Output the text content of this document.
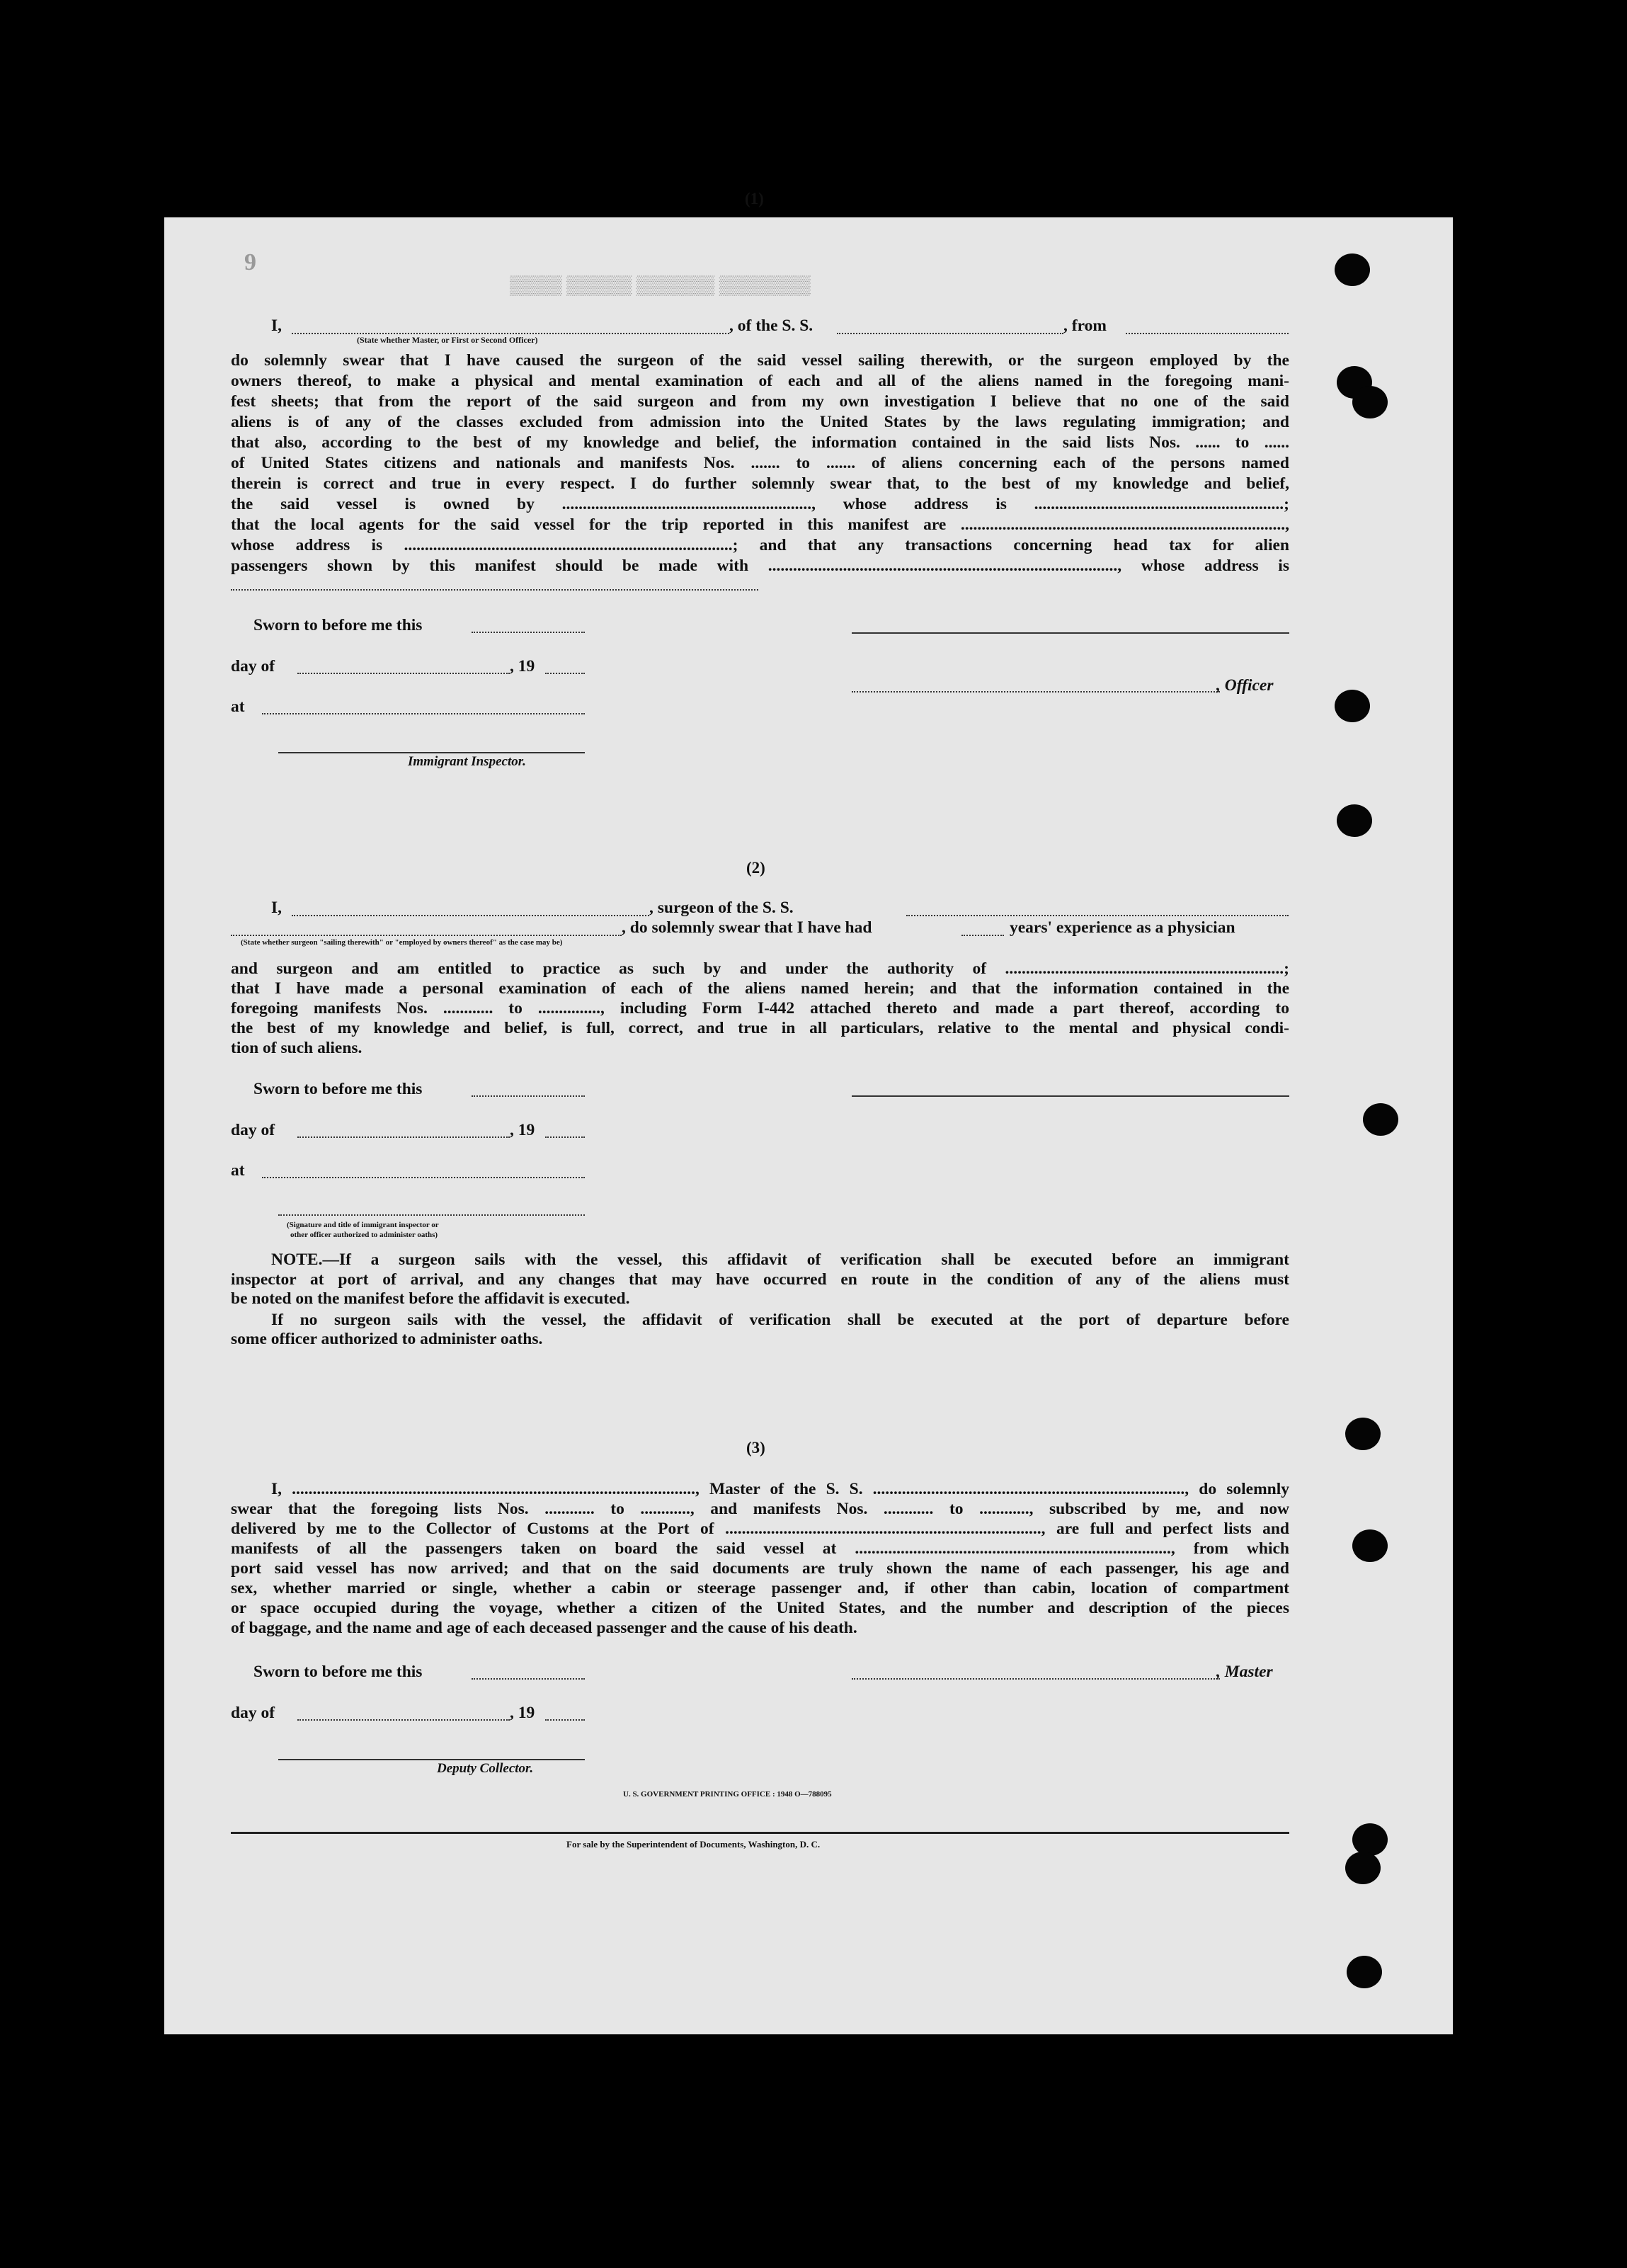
9
▒▒▒▒ ▒▒▒▒▒ ▒▒▒▒▒▒ ▒▒▒▒▒▒▒
(1)
I,	, of the S. S.	, from
(State whether Master, or First or Second Officer)
do solemnly swear that I have caused the surgeon of the said vessel sailing therewith, or the surgeon employed by the
owners thereof, to make a physical and mental examination of each and all of the aliens named in the foregoing mani-
fest sheets; that from the report of the said surgeon and from my own investigation I believe that no one of the said
aliens is of any of the classes excluded from admission into the United States by the laws regulating immigration; and
that also, according to the best of my knowledge and belief, the information contained in the said lists Nos. ...... to ......
of United States citizens and nationals and manifests Nos. ....... to ....... of aliens concerning each of the persons named
therein is correct and true in every respect. I do further solemnly swear that, to the best of my knowledge and belief,
the said vessel is owned by ............................................................, whose address is ............................................................;
that the local agents for the said vessel for the trip reported in this manifest are ..............................................................................,
whose address is ...............................................................................; and that any transactions concerning head tax for alien
passengers shown by this manifest should be made with ...................................................................................., whose address is
Sworn to before me this
day of	, 19
, Officer
at
Immigrant Inspector.
(2)
I,	, surgeon of the S. S.
, do solemnly swear that I have had	years' experience as a physician
(State whether surgeon "sailing therewith" or "employed by owners thereof" as the case may be)
and surgeon and am entitled to practice as such by and under the authority of ...................................................................;
that I have made a personal examination of each of the aliens named herein; and that the information contained in the
foregoing manifests Nos. ............ to ..............., including Form I-442 attached thereto and made a part thereof, according to
the best of my knowledge and belief, is full, correct, and true in all particulars, relative to the mental and physical condi-
tion of such aliens.
Sworn to before me this
day of	, 19
at
(Signature and title of immigrant inspector or
other officer authorized to administer oaths)
NOTE.—If a surgeon sails with the vessel, this affidavit of verification shall be executed before an immigrant
inspector at port of arrival, and any changes that may have occurred en route in the condition of any of the aliens must
be noted on the manifest before the affidavit is executed.
If no surgeon sails with the vessel, the affidavit of verification shall be executed at the port of departure before
some officer authorized to administer oaths.
(3)
I, ................................................................................................., Master of the S. S. ..........................................................................., do solemnly
swear that the foregoing lists Nos. ............ to ............, and manifests Nos. ............ to ............, subscribed by me, and now
delivered by me to the Collector of Customs at the Port of ............................................................................, are full and perfect lists and
manifests of all the passengers taken on board the said vessel at ............................................................................, from which
port said vessel has now arrived; and that on the said documents are truly shown the name of each passenger, his age and
sex, whether married or single, whether a cabin or steerage passenger and, if other than cabin, location of compartment
or space occupied during the voyage, whether a citizen of the United States, and the number and description of the pieces
of baggage, and the name and age of each deceased passenger and the cause of his death.
Sworn to before me this	, Master
day of	, 19
Deputy Collector.
U. S. GOVERNMENT PRINTING OFFICE : 1948 O—788095
For sale by the Superintendent of Documents, Washington, D. C.
